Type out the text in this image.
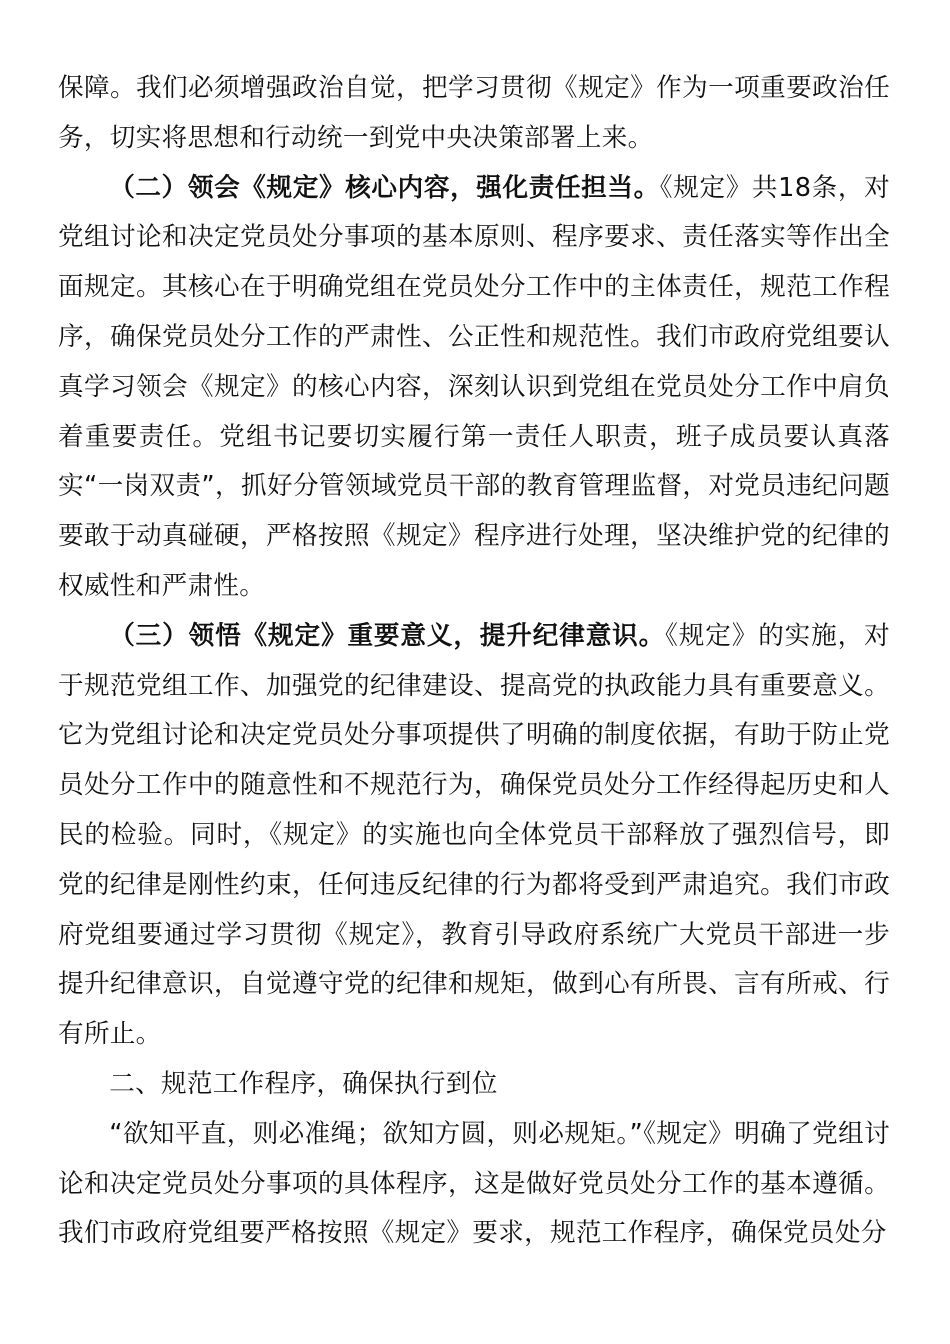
保障。我们必须增强政治自觉，把学习贯彻《规定》作为一项重要政治任务，切实将思想和行动统一到党中央决策部署上来。

（二）领会《规定》核心内容，强化责任担当。《规定》共18条，对党组讨论和决定党员处分事项的基本原则、程序要求、责任落实等作出全面规定。其核心在于明确党组在党员处分工作中的主体责任，规范工作程序，确保党员处分工作的严肃性、公正性和规范性。我们市政府党组要认真学习领会《规定》的核心内容，深刻认识到党组在党员处分工作中肩负着重要责任。党组书记要切实履行第一责任人职责，班子成员要认真落实“一岗双责”，抓好分管领域党员干部的教育管理监督，对党员违纪问题要敢于动真碰硬，严格按照《规定》程序进行处理，坚决维护党的纪律的权威性和严肃性。

（三）领悟《规定》重要意义，提升纪律意识。《规定》的实施，对于规范党组工作、加强党的纪律建设、提高党的执政能力具有重要意义。它为党组讨论和决定党员处分事项提供了明确的制度依据，有助于防止党员处分工作中的随意性和不规范行为，确保党员处分工作经得起历史和人民的检验。同时，《规定》的实施也向全体党员干部释放了强烈信号，即党的纪律是刚性约束，任何违反纪律的行为都将受到严肃追究。我们市政府党组要通过学习贯彻《规定》，教育引导政府系统广大党员干部进一步提升纪律意识，自觉遵守党的纪律和规矩，做到心有所畏、言有所戒、行有所止。

二、规范工作程序，确保执行到位

“欲知平直，则必准绳；欲知方圆，则必规矩。”《规定》明确了党组讨论和决定党员处分事项的具体程序，这是做好党员处分工作的基本遵循。我们市政府党组要严格按照《规定》要求，规范工作程序，确保党员处分
